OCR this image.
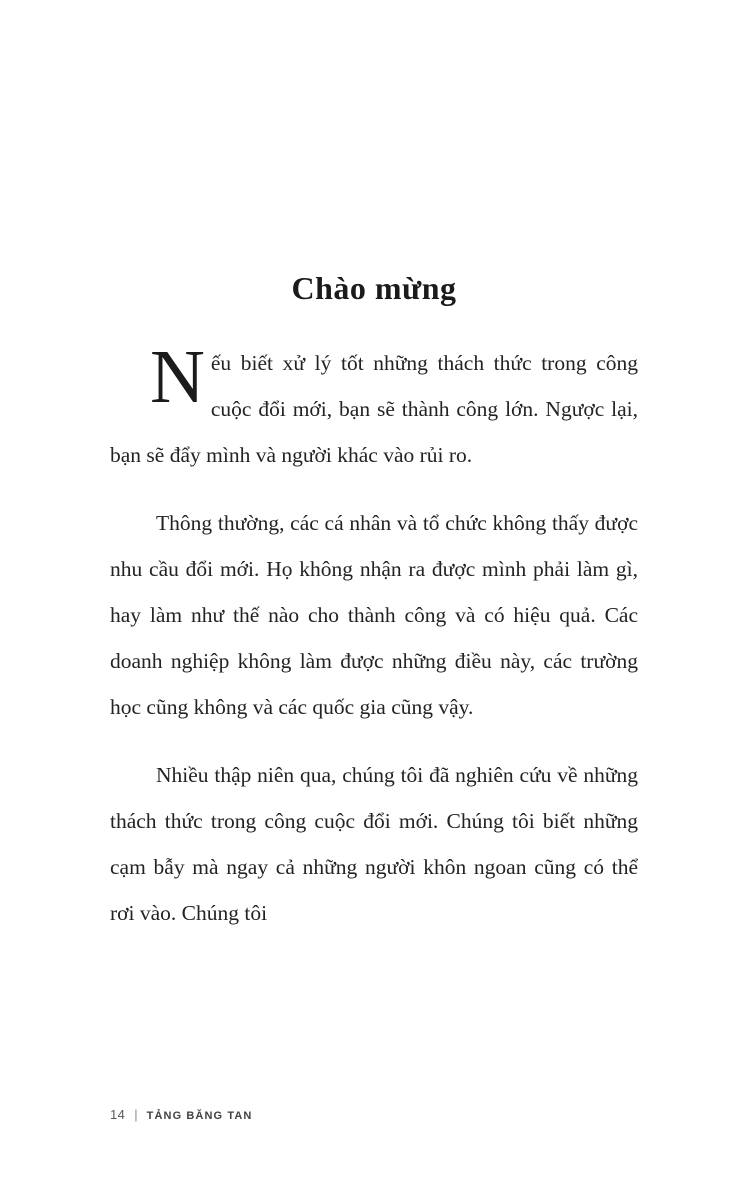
Chào mừng

Nếu biết xử lý tốt những thách thức trong công cuộc đổi mới, bạn sẽ thành công lớn. Ngược lại, bạn sẽ đẩy mình và người khác vào rủi ro.

Thông thường, các cá nhân và tổ chức không thấy được nhu cầu đổi mới. Họ không nhận ra được mình phải làm gì, hay làm như thế nào cho thành công và có hiệu quả. Các doanh nghiệp không làm được những điều này, các trường học cũng không và các quốc gia cũng vậy.

Nhiều thập niên qua, chúng tôi đã nghiên cứu về những thách thức trong công cuộc đổi mới. Chúng tôi biết những cạm bẫy mà ngay cả những người khôn ngoan cũng có thể rơi vào. Chúng tôi

14 | TẢNG BĂNG TAN
